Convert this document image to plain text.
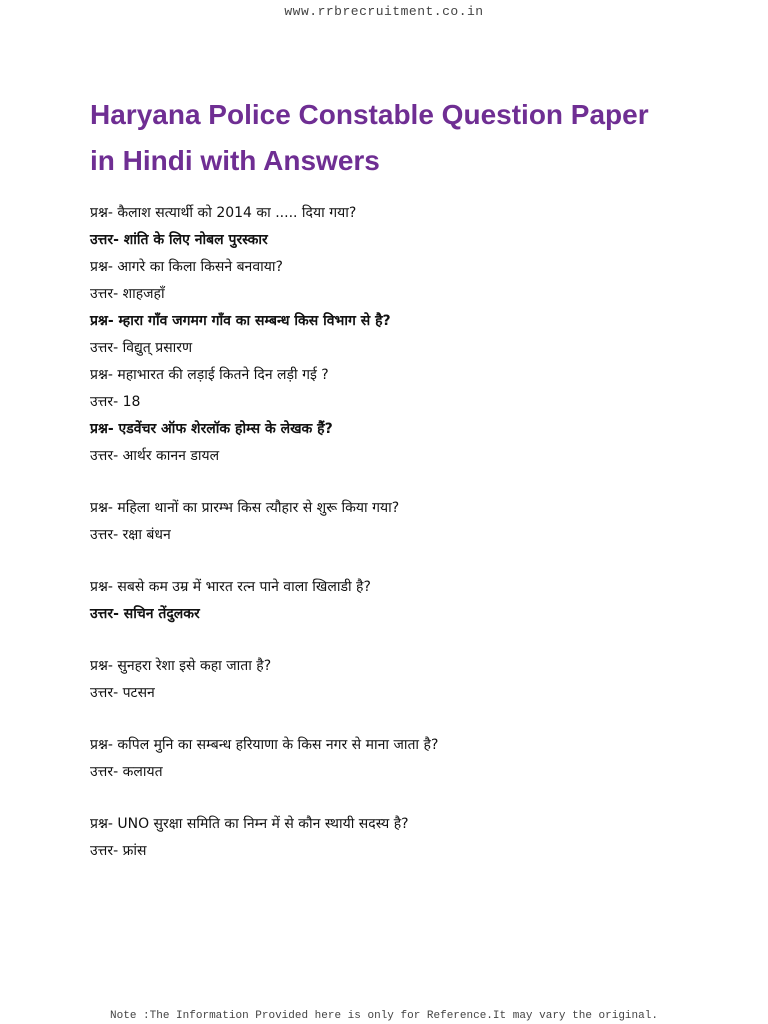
www.rrbrecruitment.co.in
Haryana Police Constable Question Paper
in Hindi with Answers
प्रश्न- कैलाश सत्यार्थी को 2014 का ..... दिया गया?
उत्तर- शांति के लिए नोबल पुरस्कार
प्रश्न- आगरे का किला किसने बनवाया?
उत्तर- शाहजहाँ
प्रश्न- म्हारा गाँव जगमग गाँव का सम्बन्ध किस विभाग से है?
उत्तर- विद्युत् प्रसारण
प्रश्न- महाभारत की लड़ाई कितने दिन लड़ी गई ?
उत्तर- 18
प्रश्न- एडवेंचर ऑफ शेरलॉक होम्स के लेखक हैं?
उत्तर- आर्थर कानन डायल
प्रश्न- महिला थानों का प्रारम्भ किस त्यौहार से शुरू किया गया?
उत्तर- रक्षा बंधन
प्रश्न- सबसे कम उम्र में भारत रत्न पाने वाला खिलाडी है?
उत्तर- सचिन तेंदुलकर
प्रश्न- सुनहरा रेशा इसे कहा जाता है?
उत्तर- पटसन
प्रश्न- कपिल मुनि का सम्बन्ध हरियाणा के किस नगर से माना जाता है?
उत्तर- कलायत
प्रश्न- UNO सुरक्षा समिति का निम्न में से कौन स्थायी सदस्य है?
उत्तर- फ्रांस
Note :The Information Provided here is only for Reference.It may vary the original.
